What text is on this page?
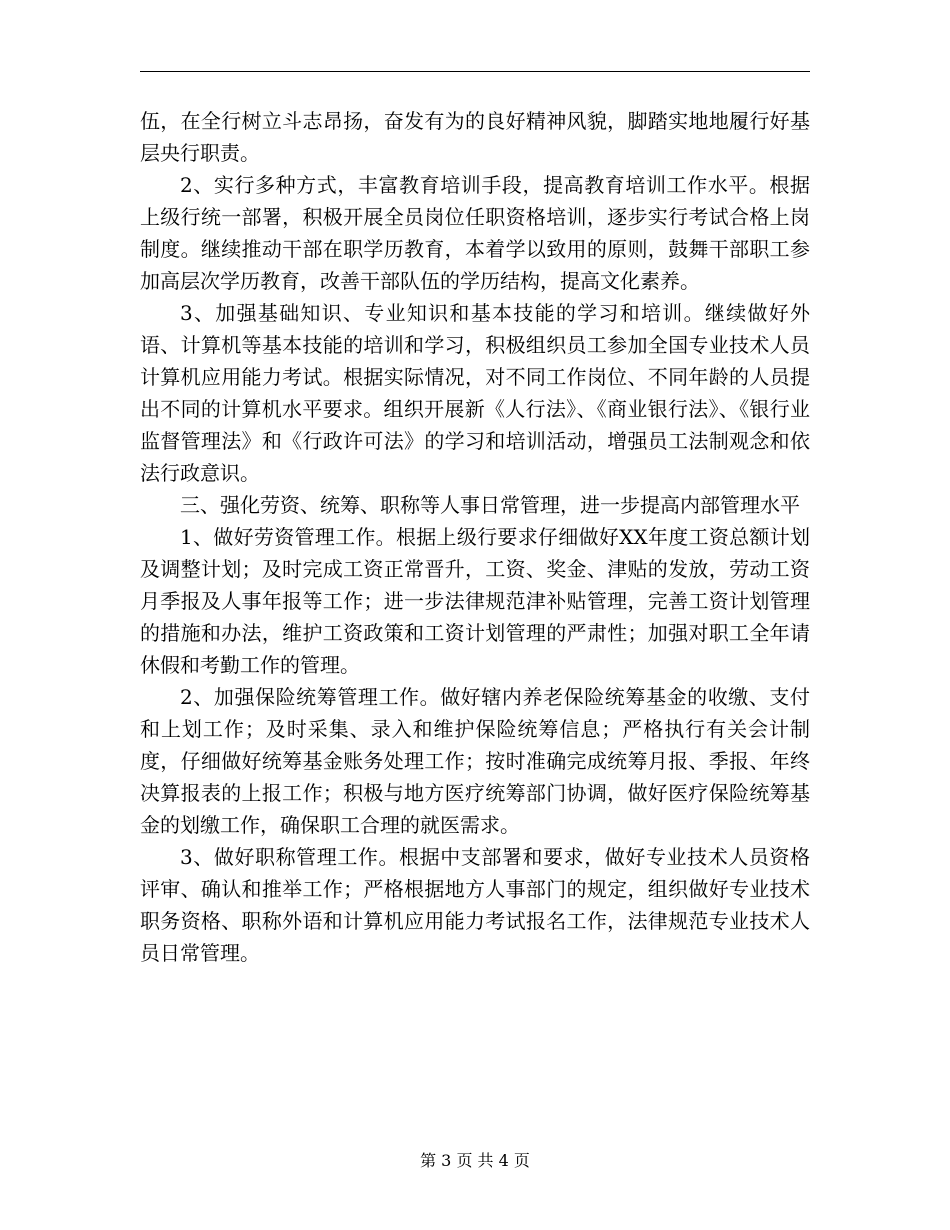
伍，在全行树立斗志昂扬，奋发有为的良好精神风貌，脚踏实地地履行好基层央行职责。

2、实行多种方式，丰富教育培训手段，提高教育培训工作水平。根据上级行统一部署，积极开展全员岗位任职资格培训，逐步实行考试合格上岗制度。继续推动干部在职学历教育，本着学以致用的原则，鼓舞干部职工参加高层次学历教育，改善干部队伍的学历结构，提高文化素养。

3、加强基础知识、专业知识和基本技能的学习和培训。继续做好外语、计算机等基本技能的培训和学习，积极组织员工参加全国专业技术人员计算机应用能力考试。根据实际情况，对不同工作岗位、不同年龄的人员提出不同的计算机水平要求。组织开展新《人行法》、《商业银行法》、《银行业监督管理法》和《行政许可法》的学习和培训活动，增强员工法制观念和依法行政意识。

三、强化劳资、统筹、职称等人事日常管理，进一步提高内部管理水平

1、做好劳资管理工作。根据上级行要求仔细做好XX年度工资总额计划及调整计划；及时完成工资正常晋升，工资、奖金、津贴的发放，劳动工资月季报及人事年报等工作；进一步法律规范津补贴管理，完善工资计划管理的措施和办法，维护工资政策和工资计划管理的严肃性；加强对职工全年请休假和考勤工作的管理。

2、加强保险统筹管理工作。做好辖内养老保险统筹基金的收缴、支付和上划工作；及时采集、录入和维护保险统筹信息；严格执行有关会计制度，仔细做好统筹基金账务处理工作；按时准确完成统筹月报、季报、年终决算报表的上报工作；积极与地方医疗统筹部门协调，做好医疗保险统筹基金的划缴工作，确保职工合理的就医需求。

3、做好职称管理工作。根据中支部署和要求，做好专业技术人员资格评审、确认和推举工作；严格根据地方人事部门的规定，组织做好专业技术职务资格、职称外语和计算机应用能力考试报名工作，法律规范专业技术人员日常管理。

第 3 页 共 4 页
